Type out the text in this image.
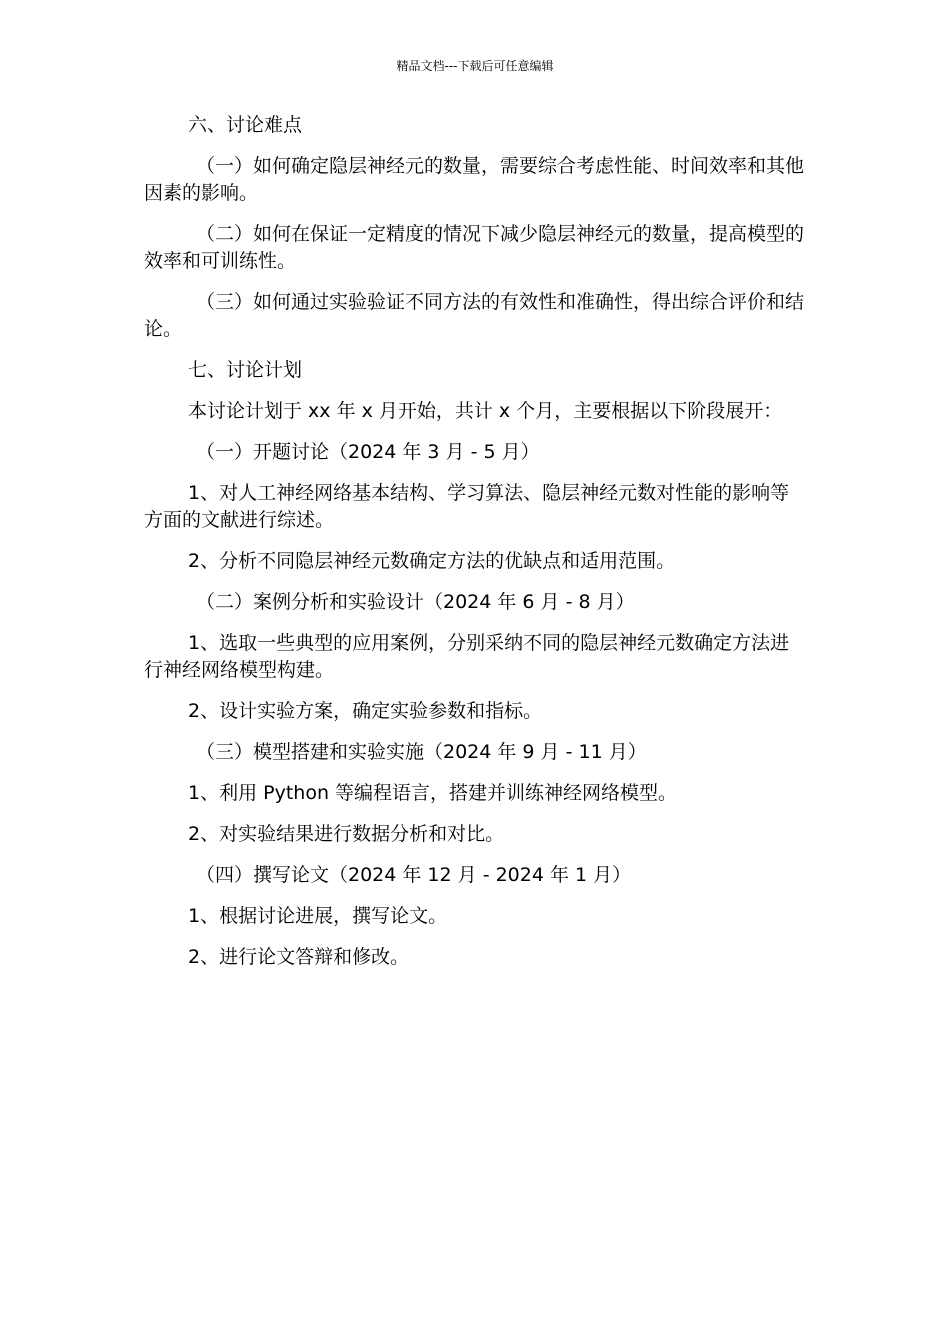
精品文档---下载后可任意编辑

六、讨论难点

（一）如何确定隐层神经元的数量，需要综合考虑性能、时间效率和其他因素的影响。

（二）如何在保证一定精度的情况下减少隐层神经元的数量，提高模型的效率和可训练性。

（三）如何通过实验验证不同方法的有效性和准确性，得出综合评价和结论。

七、讨论计划

本讨论计划于 xx 年 x 月开始，共计 x 个月，主要根据以下阶段展开：

（一）开题讨论（2024 年 3 月 - 5 月）

1、对人工神经网络基本结构、学习算法、隐层神经元数对性能的影响等方面的文献进行综述。

2、分析不同隐层神经元数确定方法的优缺点和适用范围。

（二）案例分析和实验设计（2024 年 6 月 - 8 月）

1、选取一些典型的应用案例，分别采纳不同的隐层神经元数确定方法进行神经网络模型构建。

2、设计实验方案，确定实验参数和指标。

（三）模型搭建和实验实施（2024 年 9 月 - 11 月）

1、利用 Python 等编程语言，搭建并训练神经网络模型。

2、对实验结果进行数据分析和对比。

（四）撰写论文（2024 年 12 月 - 2024 年 1 月）

1、根据讨论进展，撰写论文。

2、进行论文答辩和修改。
